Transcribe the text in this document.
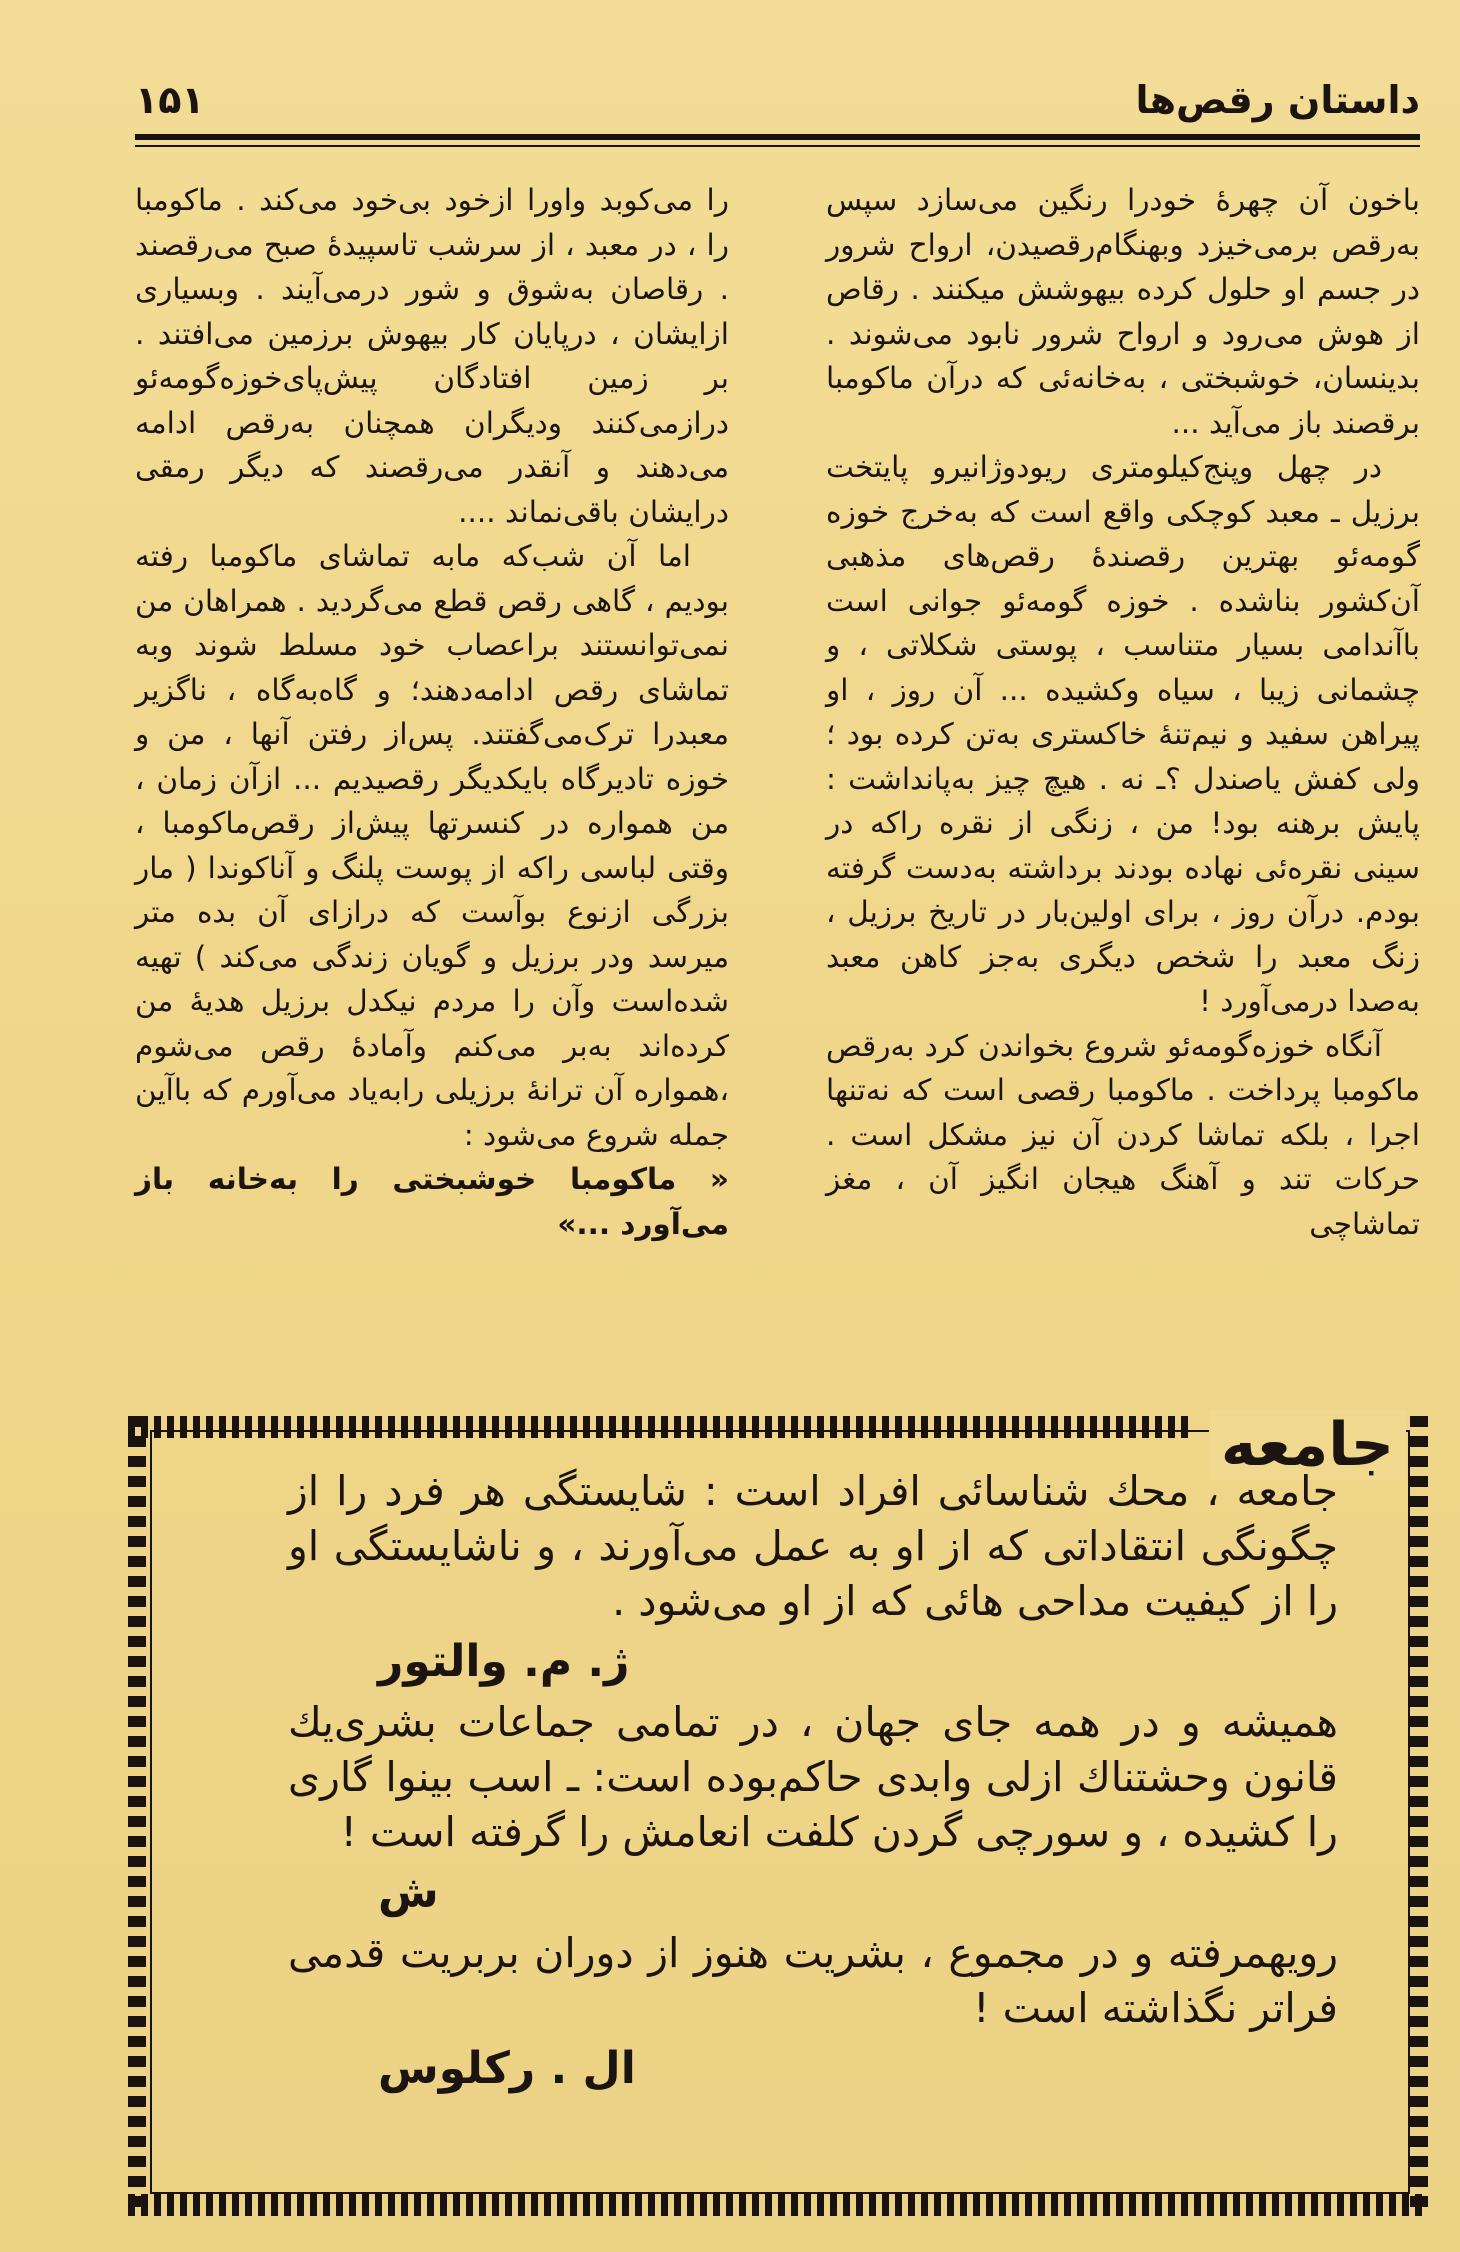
داستان رقص‌ها
۱۵۱

باخون آن چهرهٔ خودرا رنگین می‌سازد سپس به‌رقص برمی‌خیزد وبهنگام‌رقصیدن، ارواح شرور در جسم او حلول کرده بیهوشش میکنند . رقاص از هوش می‌رود و ارواح شرور نابود می‌شوند . بدینسان، خوشبختی ، به‌خانه‌ئی که درآن ماکومبا برقصند باز می‌آید ...

در چهل وپنج‌کیلومتری ریودوژانیرو پایتخت برزیل ـ معبد کوچکی واقع است که به‌خرج خوزه گومه‌ئو بهترین رقصندهٔ رقص‌های مذهبی آن‌کشور بناشده . خوزه گومه‌ئو جوانی است باآندامی بسیار متناسب ، پوستی شکلاتی ، و چشمانی زیبا ، سیاه وکشیده ... آن روز ، او پیراهن سفید و نیم‌تنهٔ خاکستری به‌تن کرده بود ؛ ولی کفش یاصندل ؟ـ نه . هیچ چیز به‌پانداشت : پایش برهنه بود! من ، زنگی از نقره راکه در سینی نقره‌ئی نهاده بودند برداشته به‌دست گرفته بودم. درآن روز ، برای اولین‌بار در تاریخ برزیل ، زنگ معبد را شخص دیگری به‌جز کاهن معبد به‌صدا درمی‌آورد !

آنگاه خوزه‌گومه‌ئو شروع بخواندن کرد به‌رقص ماکومبا پرداخت . ماکومبا رقصی است که نه‌تنها اجرا ، بلکه تماشا کردن آن نیز مشکل است . حرکات تند و آهنگ هیجان انگیز آن ، مغز تماشاچی

را می‌کوبد واورا ازخود بی‌خود می‌کند . ماکومبا را ، در معبد ، از سرشب تاسپیدهٔ صبح می‌رقصند . رقاصان به‌شوق و شور درمی‌آیند . وبسیاری ازایشان ، درپایان کار بیهوش برزمین می‌افتند . بر زمین افتادگان پیش‌پای‌خوزه‌گومه‌ئو درازمی‌کنند ودیگران همچنان به‌رقص ادامه می‌دهند و آنقدر می‌رقصند که دیگر رمقی درایشان باقی‌نماند ....

اما آن شب‌که مابه تماشای ماکومبا رفته بودیم ، گاهی رقص قطع می‌گردید . همراهان من نمی‌توانستند براعصاب خود مسلط شوند وبه تماشای رقص ادامه‌دهند؛ و گاه‌به‌گاه ، ناگزیر معبدرا ترک‌می‌گفتند. پس‌از رفتن آنها ، من و خوزه تادیرگاه بایکدیگر رقصیدیم ... ازآن زمان ، من همواره در کنسرتها پیش‌از رقص‌ماکومبا ، وقتی لباسی راکه از پوست پلنگ و آناکوندا ( مار بزرگی ازنوع بوآست که درازای آن بده متر میرسد ودر برزیل و گویان زندگی می‌کند ) تهیه شده‌است وآن را مردم نیکدل برزیل هدیهٔ من کرده‌اند به‌بر می‌کنم وآمادهٔ رقص می‌شوم ،همواره آن ترانهٔ برزیلی رابه‌یاد می‌آورم که باآین جمله شروع می‌شود :

« ماکومبا خوشبختی را به‌خانه باز می‌آورد ...»

جامعه

جامعه ، محك شناسائی افراد است : شایستگی هر فرد را از چگونگی انتقاداتی که از او به عمل می‌آورند ، و ناشایستگی او را از کیفیت مداحی هائی که از او می‌شود .

ژ. م. والتور

همیشه و در همه جای جهان ، در تمامی جماعات بشری‌یك قانون وحشتناك ازلی وابدی حاکم‌بوده است: ـ اسب بینوا گاری را کشیده ، و سورچی گردن کلفت انعامش را گرفته است !

ش

رویهمرفته و در مجموع ، بشریت هنوز از دوران بربریت قدمی فراتر نگذاشته است !

ال . رکلوس
